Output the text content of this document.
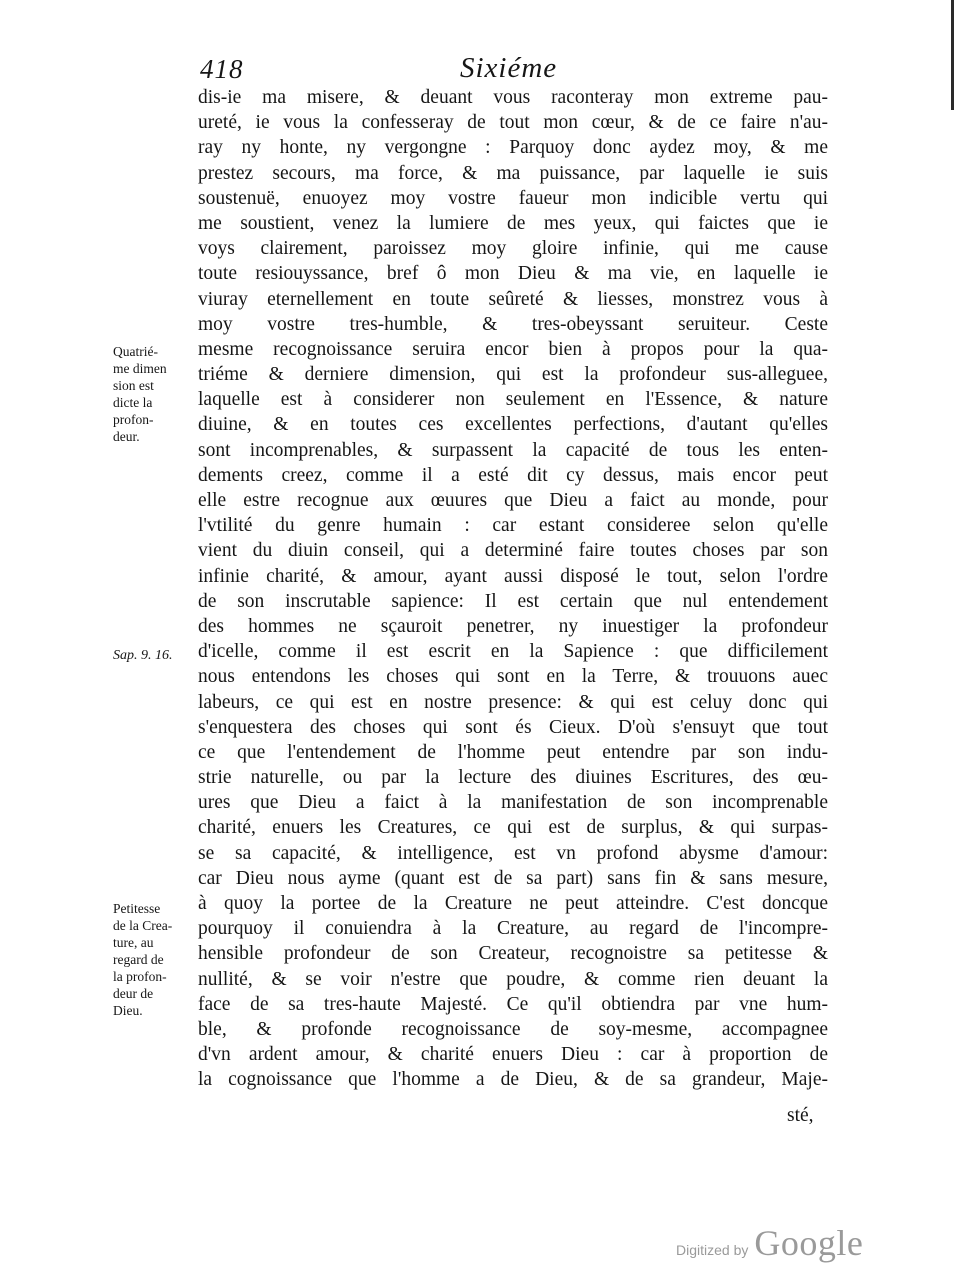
418	Sixiéme
dis-ie ma misere, & deuant vous raconteray mon extreme pau-
ureté, ie vous la confesseray de tout mon cœur, & de ce faire n'au-
ray ny honte, ny vergongne : Parquoy donc aydez moy, & me
prestez secours, ma force, & ma puissance, par laquelle ie suis
soustenuë, enuoyez moy vostre faueur mon indicible vertu qui
me soustient, venez la lumiere de mes yeux, qui faictes que ie
voys clairement, paroissez moy gloire infinie, qui me cause
toute resiouyssance, bref ô mon Dieu & ma vie, en laquelle ie
viuray eternellement en toute seûreté & liesses, monstrez vous à
moy vostre tres-humble, & tres-obeyssant seruiteur. Ceste
mesme recognoissance seruira encor bien à propos pour la qua-
triéme & derniere dimension, qui est la profondeur sus-alleguee,
laquelle est à considerer non seulement en l'Essence, & nature
diuine, & en toutes ces excellentes perfections, d'autant qu'elles
sont incomprenables, & surpassent la capacité de tous les enten-
dements creez, comme il a esté dit cy dessus, mais encor peut
elle estre recognue aux œuures que Dieu a faict au monde, pour
l'vtilité du genre humain : car estant consideree selon qu'elle
vient du diuin conseil, qui a determiné faire toutes choses par son
infinie charité, & amour, ayant aussi disposé le tout, selon l'ordre
de son inscrutable sapience: Il est certain que nul entendement
des hommes ne sçauroit penetrer, ny inuestiger la profondeur
d'icelle, comme il est escrit en la Sapience : que difficilement
nous entendons les choses qui sont en la Terre, & trouuons auec
labeurs, ce qui est en nostre presence: & qui est celuy donc qui
s'enquestera des choses qui sont és Cieux. D'où s'ensuyt que tout
ce que l'entendement de l'homme peut entendre par son indu-
strie naturelle, ou par la lecture des diuines Escritures, des œu-
ures que Dieu a faict à la manifestation de son incomprenable
charité, enuers les Creatures, ce qui est de surplus, & qui surpas-
se sa capacité, & intelligence, est vn profond abysme d'amour:
car Dieu nous ayme (quant est de sa part) sans fin & sans mesure,
à quoy la portee de la Creature ne peut atteindre. C'est doncque
pourquoy il conuiendra à la Creature, au regard de l'incompre-
hensible profondeur de son Createur, recognoistre sa petitesse &
nullité, & se voir n'estre que poudre, & comme rien deuant la
face de sa tres-haute Majesté. Ce qu'il obtiendra par vne hum-
ble, & profonde recognoissance de soy-mesme, accompagnee
d'vn ardent amour, & charité enuers Dieu : car à proportion de
la cognoissance que l'homme a de Dieu, & de sa grandeur, Maje-
sté,
Quatrié-
me dimen
sion est
dicte la
profon-
deur.
Sap. 9. 16.
Petitesse
de la Crea-
ture, au
regard de
la profon-
deur de
Dieu.
Digitized by Google
